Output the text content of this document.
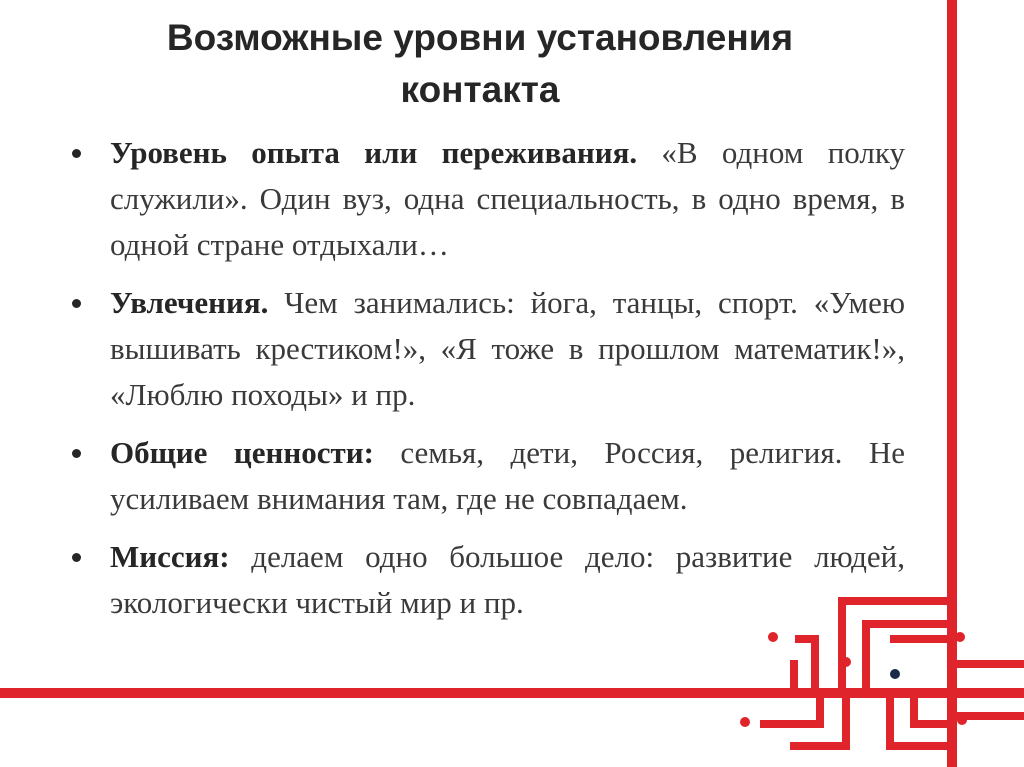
Возможные уровни установления
контакта
Уровень опыта или переживания. «В одном полку служили». Один вуз, одна специальность, в одно время, в одной стране отдыхали…
Увлечения. Чем занимались: йога, танцы, спорт. «Умею вышивать крестиком!», «Я тоже в прошлом математик!», «Люблю походы» и пр.
Общие ценности: семья, дети, Россия, религия. Не усиливаем внимания там, где не совпадаем.
Миссия: делаем одно большое дело: развитие людей, экологически чистый мир и пр.
